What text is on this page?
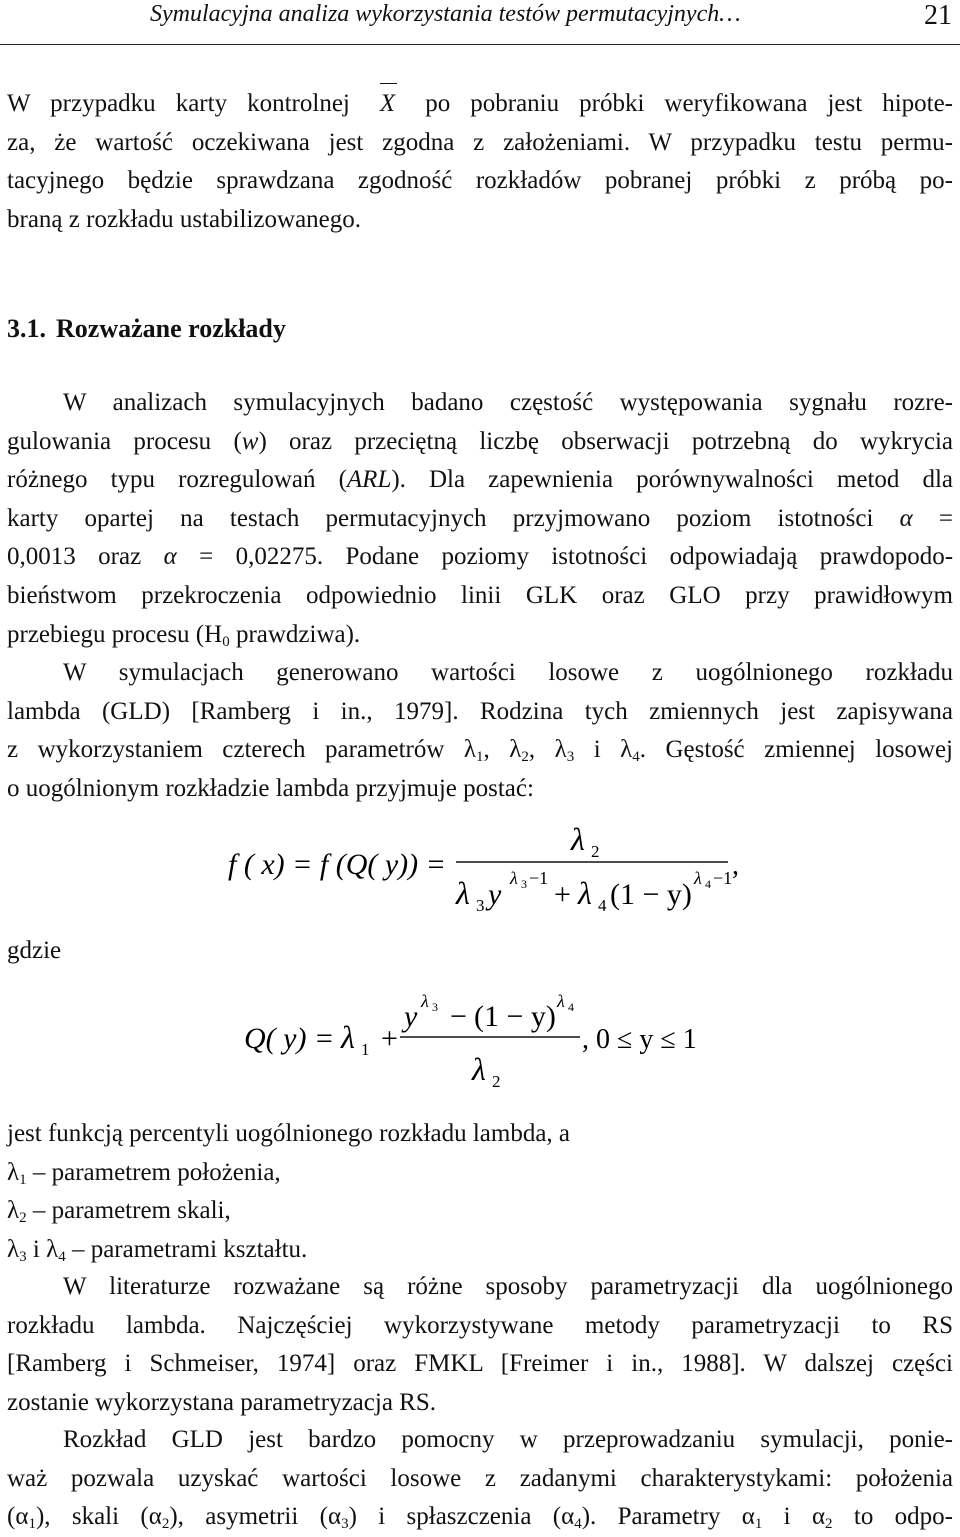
Symulacyjna analiza wykorzystania testów permutacyjnych…	21
W przypadku karty kontrolnej X po pobraniu próbki weryfikowana jest hipote-
za, że wartość oczekiwana jest zgodna z założeniami. W przypadku testu permu-
tacyjnego będzie sprawdzana zgodność rozkładów pobranej próbki z próbą po-
braną z rozkładu ustabilizowanego.
3.1. Rozważane rozkłady
W analizach symulacyjnych badano częstość występowania sygnału rozre-
gulowania procesu (w) oraz przeciętną liczbę obserwacji potrzebną do wykrycia
różnego typu rozregulowań (ARL). Dla zapewnienia porównywalności metod dla
karty opartej na testach permutacyjnych przyjmowano poziom istotności α =
0,0013 oraz α = 0,02275. Podane poziomy istotności odpowiadają prawdopodo-
bieństwom przekroczenia odpowiednio linii GLK oraz GLO przy prawidłowym
przebiegu procesu ($H_0$ prawdziwa).
W symulacjach generowano wartości losowe z uogólnionego rozkładu
lambda (GLD) [Ramberg i in., 1979]. Rodzina tych zmiennych jest zapisywana
z wykorzystaniem czterech parametrów $\lambda_1$, $\lambda_2$, $\lambda_3$ i $\lambda_4$. Gęstość zmiennej losowej
o uogólnionym rozkładzie lambda przyjmuje postać:
f ( x) = f (Q( y)) =
λ 2
λ 3 y λ 3 −1 + λ 4 (1 − y) λ 4 −1 ,
gdzie
Q( y) = λ 1 +
y λ 3 − (1 − y) λ 4
λ 2
, 0 ≤ y ≤ 1
jest funkcją percentyli uogólnionego rozkładu lambda, a
$\lambda_1$ – parametrem położenia,
$\lambda_2$ – parametrem skali,
$\lambda_3$ i $\lambda_4$ – parametrami kształtu.
W literaturze rozważane są różne sposoby parametryzacji dla uogólnionego
rozkładu lambda. Najczęściej wykorzystywane metody parametryzacji to RS
[Ramberg i Schmeiser, 1974] oraz FMKL [Freimer i in., 1988]. W dalszej części
zostanie wykorzystana parametryzacja RS.
Rozkład GLD jest bardzo pomocny w przeprowadzaniu symulacji, ponie-
waż pozwala uzyskać wartości losowe z zadanymi charakterystykami: położenia
$(\alpha_1)$, skali $(\alpha_2)$, asymetrii $(\alpha_3)$ i spłaszczenia $(\alpha_4)$. Parametry $\alpha_1$ i $\alpha_2$ to odpo-
